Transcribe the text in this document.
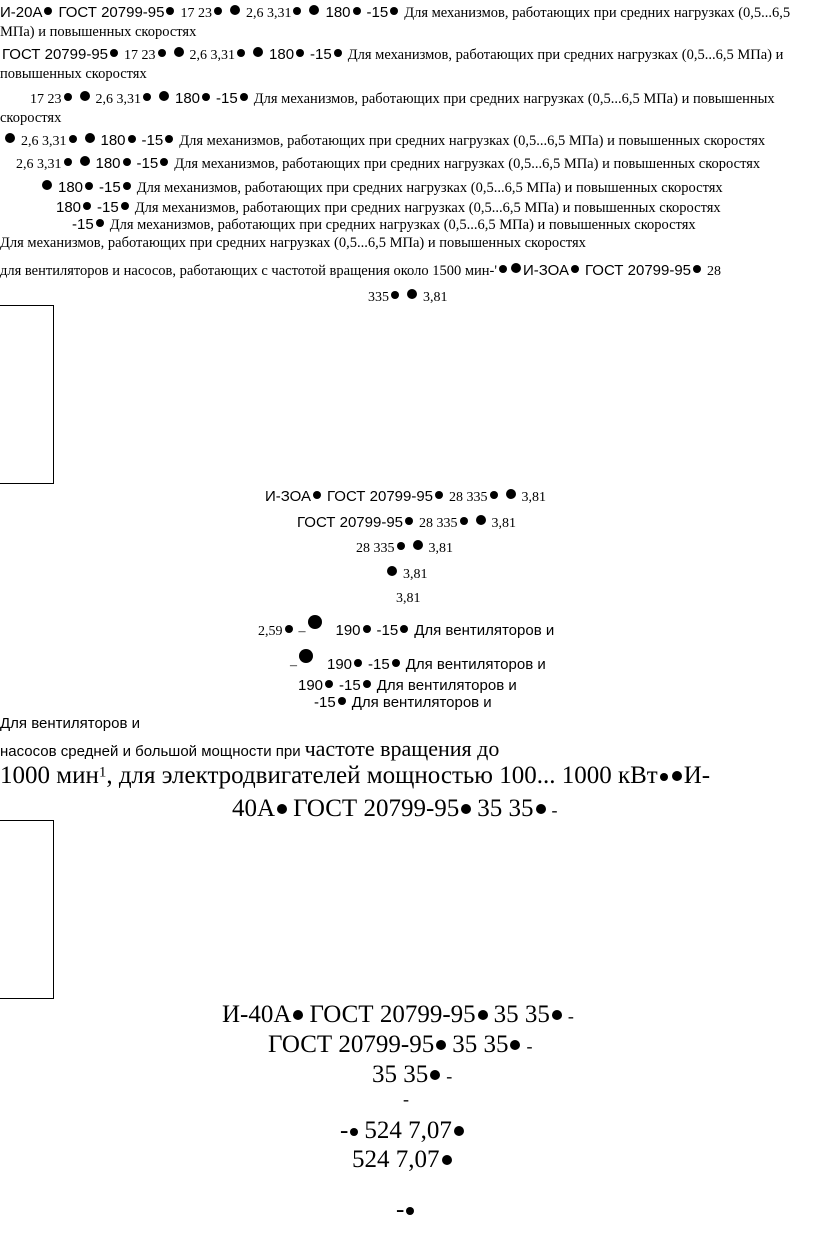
И-20А ГОСТ 20799-95 17 23 2,6 3,31 180 -15 Для механизмов, работающих при средних нагрузках (0,5...6,5
МПа) и повышенных скоростях
ГОСТ 20799-95 17 23 2,6 3,31 180 -15 Для механизмов, работающих при средних нагрузках (0,5...6,5 МПа) и
повышенных скоростях
17 23 2,6 3,31 180 -15 Для механизмов, работающих при средних нагрузках (0,5...6,5 МПа) и повышенных
скоростях
2,6 3,31 180 -15 Для механизмов, работающих при средних нагрузках (0,5...6,5 МПа) и повышенных скоростях
2,6 3,31 180 -15 Для механизмов, работающих при средних нагрузках (0,5...6,5 МПа) и повышенных скоростях
180 -15 Для механизмов, работающих при средних нагрузках (0,5...6,5 МПа) и повышенных скоростях
180 -15 Для механизмов, работающих при средних нагрузках (0,5...6,5 МПа) и повышенных скоростях
-15 Для механизмов, работающих при средних нагрузках (0,5...6,5 МПа) и повышенных скоростях
Для механизмов, работающих при средних нагрузках (0,5...6,5 МПа) и повышенных скоростях
для вентиляторов и насосов, работающих с частотой вращения около 1500 мин-' И-ЗОА ГОСТ 20799-95 28
335 3,81
И-ЗОА ГОСТ 20799-95 28 335 3,81
ГОСТ 20799-95 28 335 3,81
28 335 3,81
3,81
3,81
2,59 – 190 -15 Для вентиляторов и
– 190 -15 Для вентиляторов и
190 -15 Для вентиляторов и
-15 Для вентиляторов и
Для вентиляторов и
насосов средней и большой мощности при частоте вращения до
1000 мин$^1$, для электродвигателей мощностью 100... 1000 кВт И-
40А ГОСТ 20799-95 35 35 -
И-40А ГОСТ 20799-95 35 35 -
ГОСТ 20799-95 35 35 -
35 35 -
-
- 524 7,07
524 7,07
-
